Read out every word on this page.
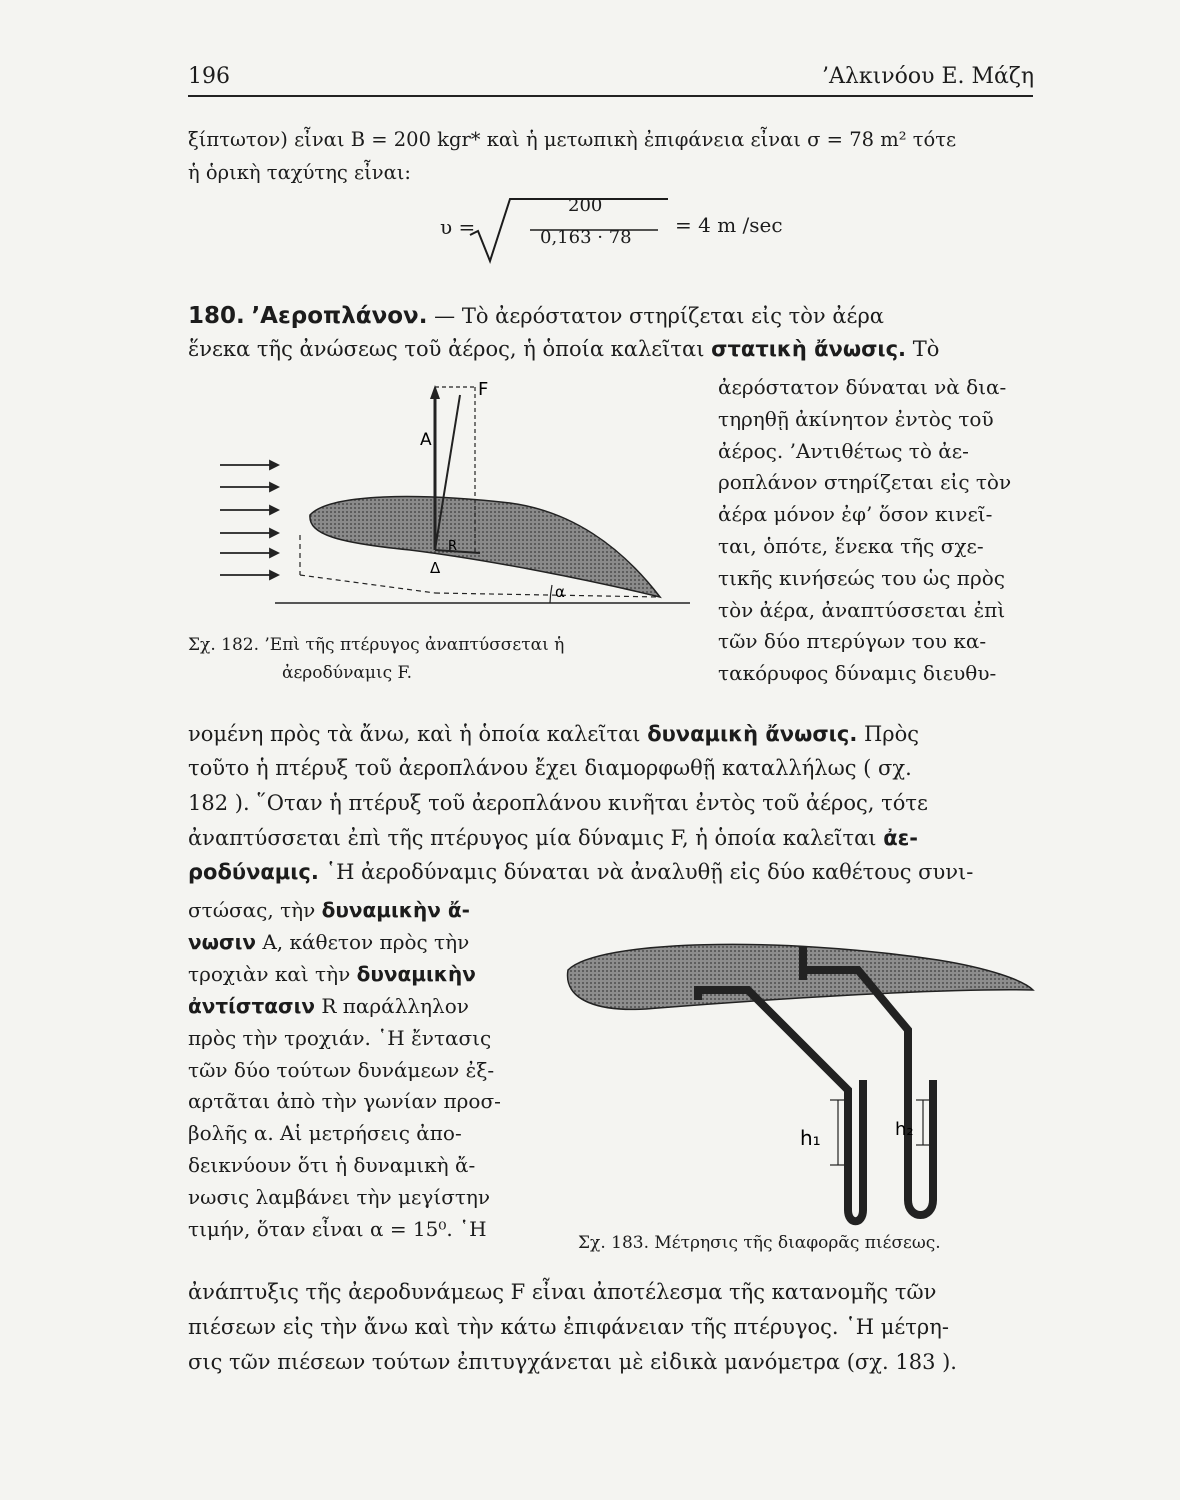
196	’Αλκινόου Ε. Μάζη
ξίπτωτον) εἶναι B = 200 kgr* καὶ ἡ μετωπικὴ ἐπιφάνεια εἶναι σ = 78 m² τότε
ἡ ὁρικὴ ταχύτης εἶναι:
υ =
200
0,163 · 78
= 4 m /sec
180. ’Αεροπλάνον. — Τὸ ἀερόστατον στηρίζεται εἰς τὸν ἀέρα
ἕνεκα τῆς ἀνώσεως τοῦ ἀέρος, ἡ ὁποία καλεῖται στατικὴ ἄνωσις. Τὸ
ἀερόστατον δύναται νὰ δια-
τηρηθῇ ἀκίνητον ἐντὸς τοῦ
ἀέρος. ’Αντιθέτως τὸ ἀε-
ροπλάνον στηρίζεται εἰς τὸν
ἀέρα μόνον ἐφ’ ὅσον κινεῖ-
ται, ὁπότε, ἕνεκα τῆς σχε-
τικῆς κινήσεώς του ὡς πρὸς
τὸν ἀέρα, ἀναπτύσσεται ἐπὶ
τῶν δύο πτερύγων του κα-
τακόρυφος δύναμις διευθυ-
F
A
R
Δ
α
Σχ. 182. ’Επὶ τῆς πτέρυγος ἀναπτύσσεται ἡ
ἀεροδύναμις F.
νομένη πρὸς τὰ ἄνω, καὶ ἡ ὁποία καλεῖται δυναμικὴ ἄνωσις. Πρὸς
τοῦτο ἡ πτέρυξ τοῦ ἀεροπλάνου ἔχει διαμορφωθῇ καταλλήλως ( σχ.
182 ). ῞Οταν ἡ πτέρυξ τοῦ ἀεροπλάνου κινῆται ἐντὸς τοῦ ἀέρος, τότε
ἀναπτύσσεται ἐπὶ τῆς πτέρυγος μία δύναμις F, ἡ ὁποία καλεῖται ἀε-
ροδύναμις. ῾Η ἀεροδύναμις δύναται νὰ ἀναλυθῇ εἰς δύο καθέτους συνι-
στώσας, τὴν δυναμικὴν ἄ-
νωσιν A, κάθετον πρὸς τὴν
τροχιὰν καὶ τὴν δυναμικὴν
ἀντίστασιν R παράλληλον
πρὸς τὴν τροχιάν. ῾Η ἔντασις
τῶν δύο τούτων δυνάμεων ἐξ-
αρτᾶται ἀπὸ τὴν γωνίαν προσ-
βολῆς α. Αἱ μετρήσεις ἀπο-
δεικνύουν ὅτι ἡ δυναμικὴ ἄ-
νωσις λαμβάνει τὴν μεγίστην
τιμήν, ὅταν εἶναι α = 15⁰. ῾Η
h₁	h₂
Σχ. 183. Μέτρησις τῆς διαφορᾶς πιέσεως.
ἀνάπτυξις τῆς ἀεροδυνάμεως F εἶναι ἀποτέλεσμα τῆς κατανομῆς τῶν
πιέσεων εἰς τὴν ἄνω καὶ τὴν κάτω ἐπιφάνειαν τῆς πτέρυγος. ῾Η μέτρη-
σις τῶν πιέσεων τούτων ἐπιτυγχάνεται μὲ εἰδικὰ μανόμετρα (σχ. 183 ).
